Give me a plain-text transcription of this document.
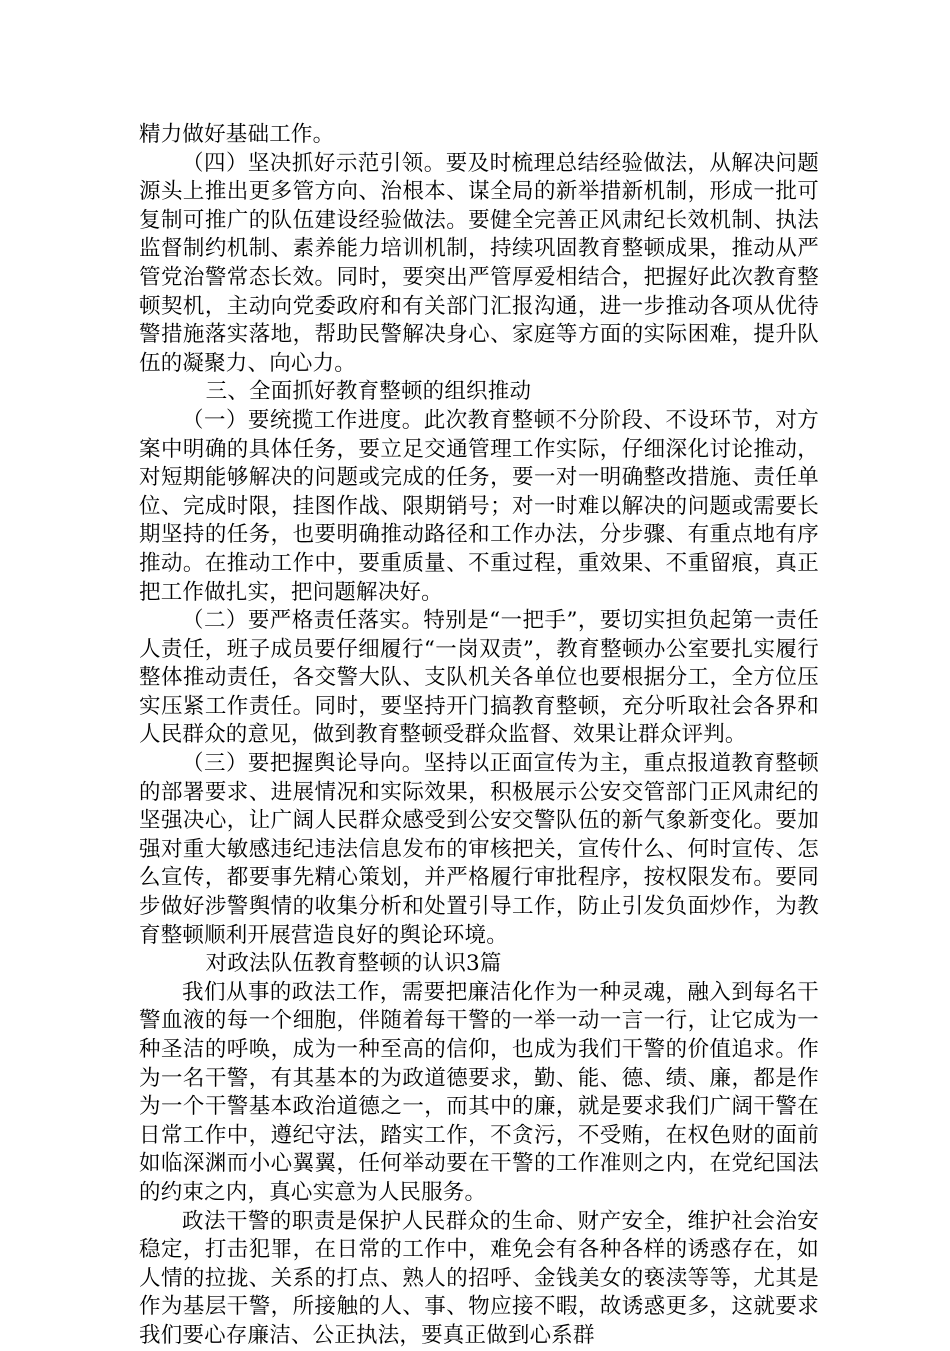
精力做好基础工作。

（四）坚决抓好示范引领。要及时梳理总结经验做法，从解决问题源头上推出更多管方向、治根本、谋全局的新举措新机制，形成一批可复制可推广的队伍建设经验做法。要健全完善正风肃纪长效机制、执法监督制约机制、素养能力培训机制，持续巩固教育整顿成果，推动从严管党治警常态长效。同时，要突出严管厚爱相结合，把握好此次教育整顿契机，主动向党委政府和有关部门汇报沟通，进一步推动各项从优待警措施落实落地，帮助民警解决身心、家庭等方面的实际困难，提升队伍的凝聚力、向心力。

三、全面抓好教育整顿的组织推动

（一）要统揽工作进度。此次教育整顿不分阶段、不设环节，对方案中明确的具体任务，要立足交通管理工作实际，仔细深化讨论推动，对短期能够解决的问题或完成的任务，要一对一明确整改措施、责任单位、完成时限，挂图作战、限期销号；对一时难以解决的问题或需要长期坚持的任务，也要明确推动路径和工作办法，分步骤、有重点地有序推动。在推动工作中，要重质量、不重过程，重效果、不重留痕，真正把工作做扎实，把问题解决好。

（二）要严格责任落实。特别是“一把手”，要切实担负起第一责任人责任，班子成员要仔细履行“一岗双责”，教育整顿办公室要扎实履行整体推动责任，各交警大队、支队机关各单位也要根据分工，全方位压实压紧工作责任。同时，要坚持开门搞教育整顿，充分听取社会各界和人民群众的意见，做到教育整顿受群众监督、效果让群众评判。

（三）要把握舆论导向。坚持以正面宣传为主，重点报道教育整顿的部署要求、进展情况和实际效果，积极展示公安交管部门正风肃纪的坚强决心，让广阔人民群众感受到公安交警队伍的新气象新变化。要加强对重大敏感违纪违法信息发布的审核把关，宣传什么、何时宣传、怎么宣传，都要事先精心策划，并严格履行审批程序，按权限发布。要同步做好涉警舆情的收集分析和处置引导工作，防止引发负面炒作，为教育整顿顺利开展营造良好的舆论环境。

对政法队伍教育整顿的认识3篇

我们从事的政法工作，需要把廉洁化作为一种灵魂，融入到每名干警血液的每一个细胞，伴随着每干警的一举一动一言一行，让它成为一种圣洁的呼唤，成为一种至高的信仰，也成为我们干警的价值追求。作为一名干警，有其基本的为政道德要求，勤、能、德、绩、廉，都是作为一个干警基本政治道德之一，而其中的廉，就是要求我们广阔干警在日常工作中，遵纪守法，踏实工作，不贪污，不受贿，在权色财的面前如临深渊而小心翼翼，任何举动要在干警的工作准则之内，在党纪国法的约束之内，真心实意为人民服务。

政法干警的职责是保护人民群众的生命、财产安全，维护社会治安稳定，打击犯罪，在日常的工作中，难免会有各种各样的诱惑存在，如人情的拉拢、关系的打点、熟人的招呼、金钱美女的亵渎等等，尤其是作为基层干警，所接触的人、事、物应接不暇，故诱惑更多，这就要求我们要心存廉洁、公正执法，要真正做到心系群
